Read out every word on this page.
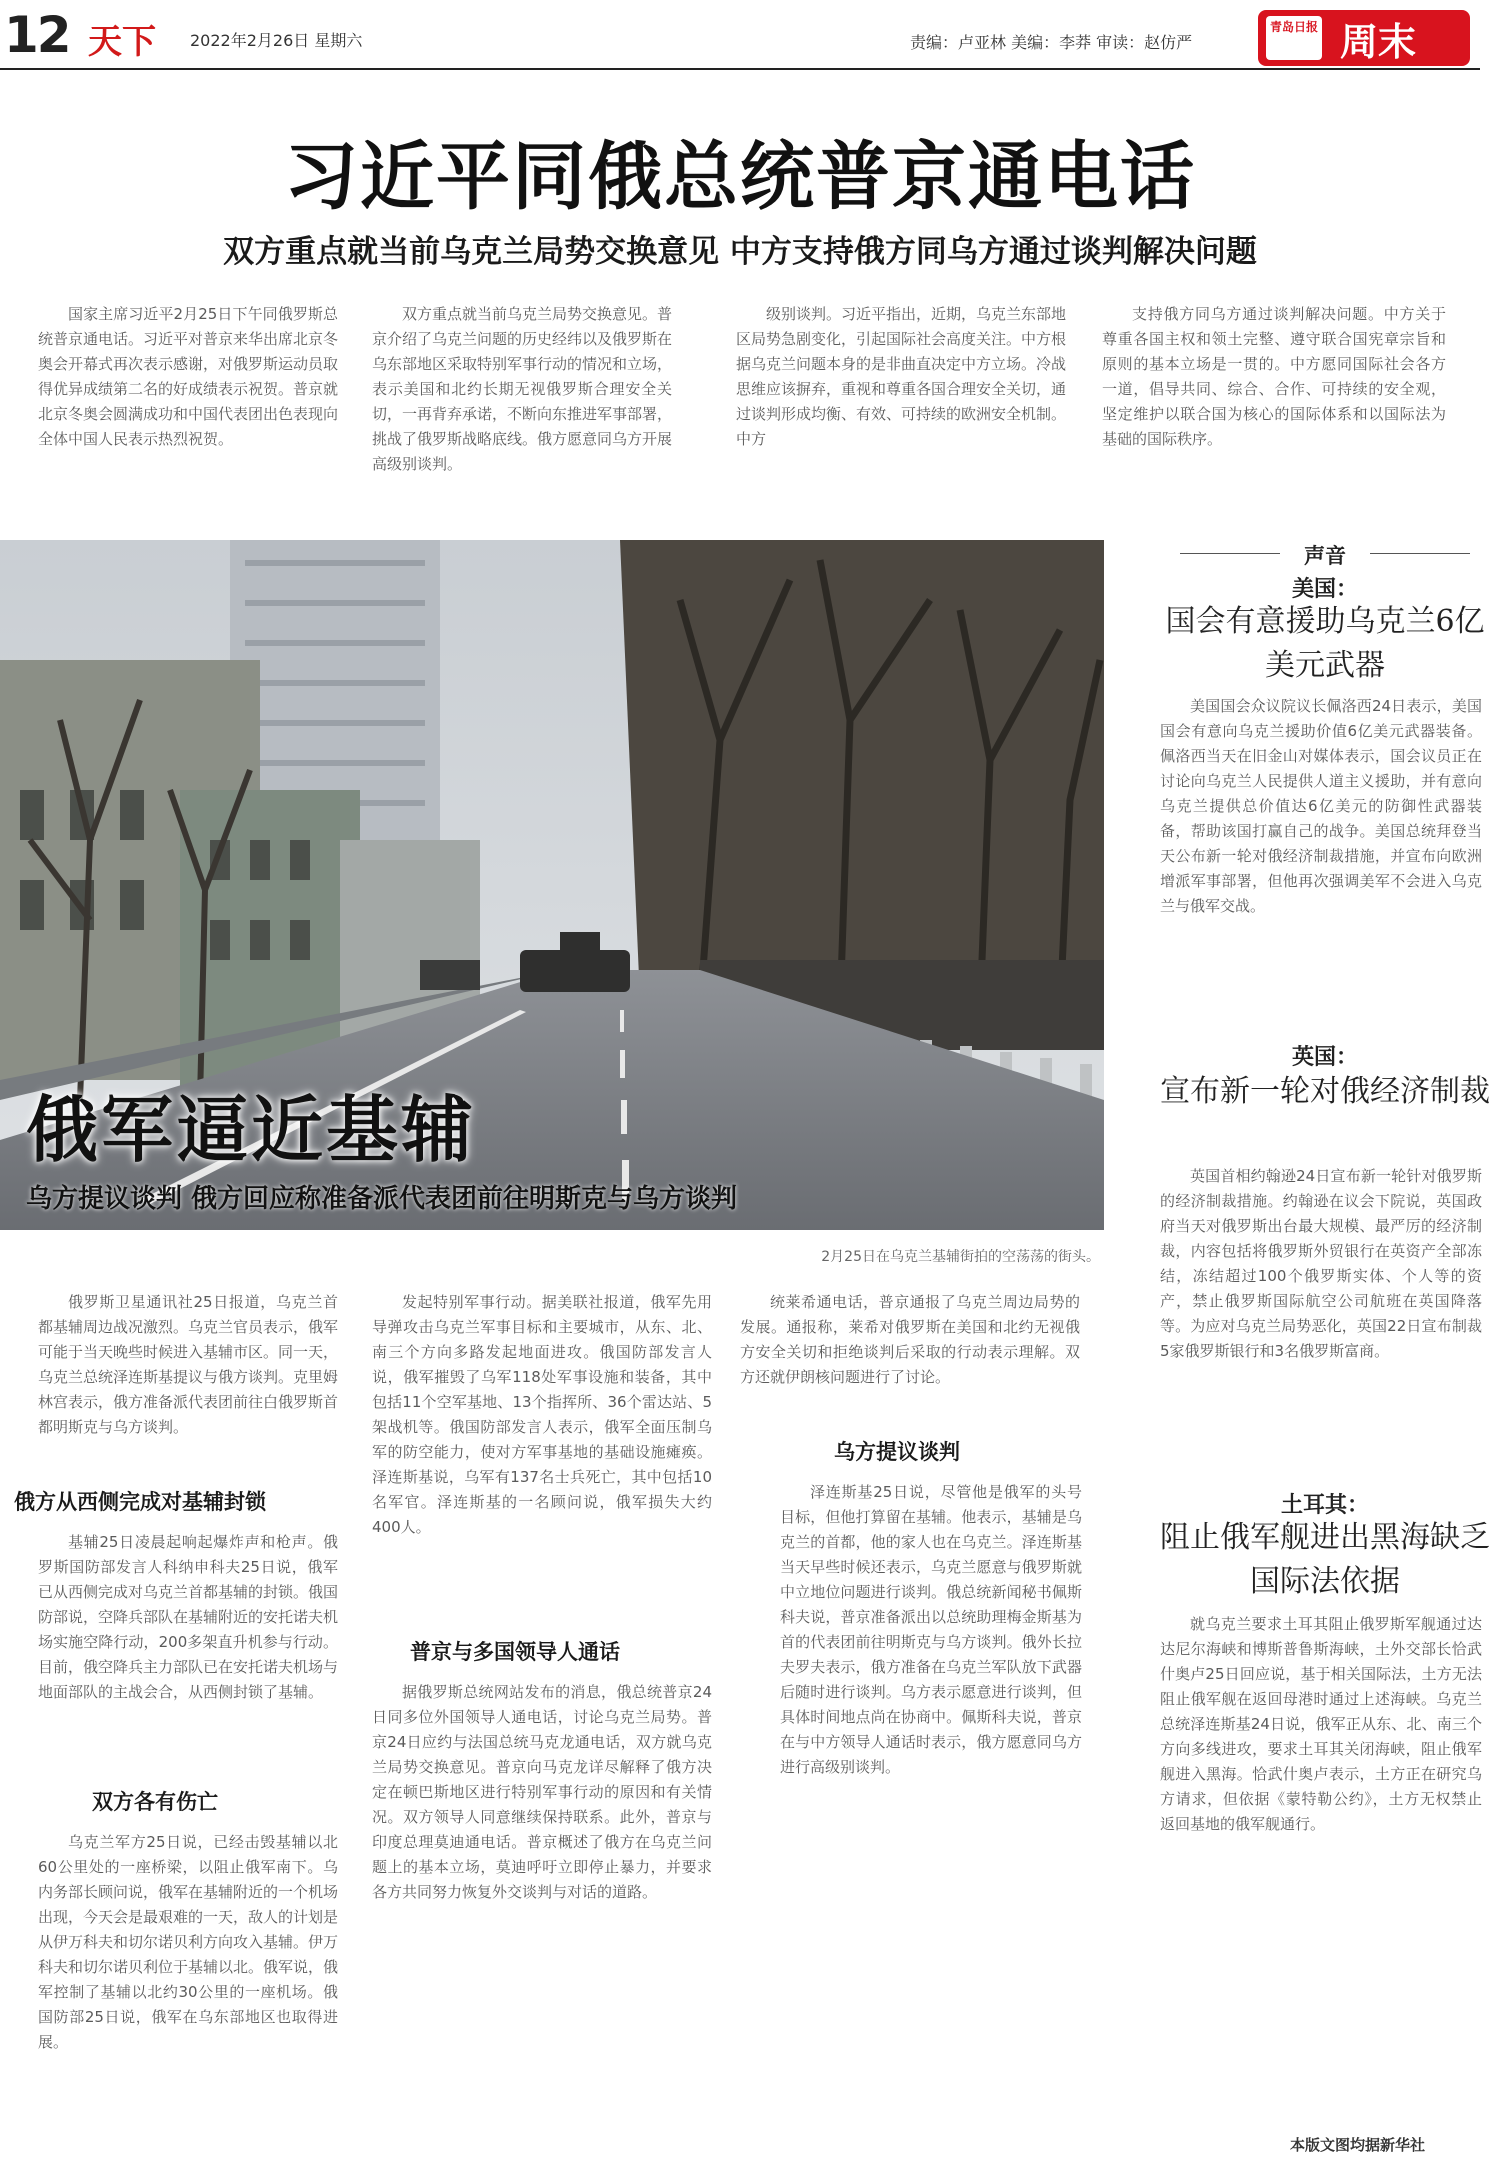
12 天下 2022年2月26日 星期六	责编：卢亚林 美编：李莽 审读：赵仿严
青岛日报 周末
习近平同俄总统普京通电话
双方重点就当前乌克兰局势交换意见 中方支持俄方同乌方通过谈判解决问题

国家主席习近平2月25日下午同俄罗斯总统普京通电话。习近平对普京来华出席北京冬奥会开幕式再次表示感谢，对俄罗斯运动员取得优异成绩第二名的好成绩表示祝贺。普京就北京冬奥会圆满成功和中国代表团出色表现向全体中国人民表示热烈祝贺。

双方重点就当前乌克兰局势交换意见。普京介绍了乌克兰问题的历史经纬以及俄罗斯在乌东部地区采取特别军事行动的情况和立场，表示美国和北约长期无视俄罗斯合理安全关切，一再背弃承诺，不断向东推进军事部署，挑战了俄罗斯战略底线。俄方愿意同乌方开展高级别谈判。

级别谈判。习近平指出，近期，乌克兰东部地区局势急剧变化，引起国际社会高度关注。中方根据乌克兰问题本身的是非曲直决定中方立场。冷战思维应该摒弃，重视和尊重各国合理安全关切，通过谈判形成均衡、有效、可持续的欧洲安全机制。中方

支持俄方同乌方通过谈判解决问题。中方关于尊重各国主权和领土完整、遵守联合国宪章宗旨和原则的基本立场是一贯的。中方愿同国际社会各方一道，倡导共同、综合、合作、可持续的安全观，坚定维护以联合国为核心的国际体系和以国际法为基础的国际秩序。

俄军逼近基辅
乌方提议谈判 俄方回应称准备派代表团前往明斯克与乌方谈判
2月25日在乌克兰基辅街拍的空荡荡的街头。

俄罗斯卫星通讯社25日报道，乌克兰首都基辅周边战况激烈。乌克兰官员表示，俄军可能于当天晚些时候进入基辅市区。同一天，乌克兰总统泽连斯基提议与俄方谈判。克里姆林宫表示，俄方准备派代表团前往白俄罗斯首都明斯克与乌方谈判。

俄方从西侧完成对基辅封锁

基辅25日凌晨起响起爆炸声和枪声。俄罗斯国防部发言人科纳申科夫25日说，俄军已从西侧完成对乌克兰首都基辅的封锁。俄国防部说，空降兵部队在基辅附近的安托诺夫机场实施空降行动，200多架直升机参与行动。目前，俄空降兵主力部队已在安托诺夫机场与地面部队的主战会合，从西侧封锁了基辅。

双方各有伤亡

乌克兰军方25日说，已经击毁基辅以北60公里处的一座桥梁，以阻止俄军南下。乌内务部长顾问说，俄军在基辅附近的一个机场出现，今天会是最艰难的一天，敌人的计划是从伊万科夫和切尔诺贝利方向攻入基辅。伊万科夫和切尔诺贝利位于基辅以北。俄军说，俄军控制了基辅以北约30公里的一座机场。俄国防部25日说，俄军在乌东部地区也取得进展。

发起特别军事行动。据美联社报道，俄军先用导弹攻击乌克兰军事目标和主要城市，从东、北、南三个方向多路发起地面进攻。俄国防部发言人说，俄军摧毁了乌军118处军事设施和装备，其中包括11个空军基地、13个指挥所、36个雷达站、5架战机等。俄国防部发言人表示，俄军全面压制乌军的防空能力，使对方军事基地的基础设施瘫痪。泽连斯基说，乌军有137名士兵死亡，其中包括10名军官。泽连斯基的一名顾问说，俄军损失大约400人。

普京与多国领导人通话

据俄罗斯总统网站发布的消息，俄总统普京24日同多位外国领导人通电话，讨论乌克兰局势。普京24日应约与法国总统马克龙通电话，双方就乌克兰局势交换意见。普京向马克龙详尽解释了俄方决定在顿巴斯地区进行特别军事行动的原因和有关情况。双方领导人同意继续保持联系。此外，普京与印度总理莫迪通电话。普京概述了俄方在乌克兰问题上的基本立场，莫迪呼吁立即停止暴力，并要求各方共同努力恢复外交谈判与对话的道路。

统莱希通电话，普京通报了乌克兰周边局势的发展。通报称，莱希对俄罗斯在美国和北约无视俄方安全关切和拒绝谈判后采取的行动表示理解。双方还就伊朗核问题进行了讨论。

乌方提议谈判

泽连斯基25日说，尽管他是俄军的头号目标，但他打算留在基辅。他表示，基辅是乌克兰的首都，他的家人也在乌克兰。泽连斯基当天早些时候还表示，乌克兰愿意与俄罗斯就中立地位问题进行谈判。俄总统新闻秘书佩斯科夫说，普京准备派出以总统助理梅金斯基为首的代表团前往明斯克与乌方谈判。俄外长拉夫罗夫表示，俄方准备在乌克兰军队放下武器后随时进行谈判。乌方表示愿意进行谈判，但具体时间地点尚在协商中。佩斯科夫说，普京在与中方领导人通话时表示，俄方愿意同乌方进行高级别谈判。

声音
美国：
国会有意援助乌克兰6亿美元武器

美国国会众议院议长佩洛西24日表示，美国国会有意向乌克兰援助价值6亿美元武器装备。佩洛西当天在旧金山对媒体表示，国会议员正在讨论向乌克兰人民提供人道主义援助，并有意向乌克兰提供总价值达6亿美元的防御性武器装备，帮助该国打赢自己的战争。美国总统拜登当天公布新一轮对俄经济制裁措施，并宣布向欧洲增派军事部署，但他再次强调美军不会进入乌克兰与俄军交战。

英国：
宣布新一轮对俄经济制裁

英国首相约翰逊24日宣布新一轮针对俄罗斯的经济制裁措施。约翰逊在议会下院说，英国政府当天对俄罗斯出台最大规模、最严厉的经济制裁，内容包括将俄罗斯外贸银行在英资产全部冻结，冻结超过100个俄罗斯实体、个人等的资产，禁止俄罗斯国际航空公司航班在英国降落等。为应对乌克兰局势恶化，英国22日宣布制裁5家俄罗斯银行和3名俄罗斯富商。

土耳其：
阻止俄军舰进出黑海缺乏国际法依据

就乌克兰要求土耳其阻止俄罗斯军舰通过达达尼尔海峡和博斯普鲁斯海峡，土外交部长恰武什奥卢25日回应说，基于相关国际法，土方无法阻止俄军舰在返回母港时通过上述海峡。乌克兰总统泽连斯基24日说，俄军正从东、北、南三个方向多线进攻，要求土耳其关闭海峡，阻止俄军舰进入黑海。恰武什奥卢表示，土方正在研究乌方请求，但依据《蒙特勒公约》，土方无权禁止返回基地的俄军舰通行。

本版文图均据新华社
